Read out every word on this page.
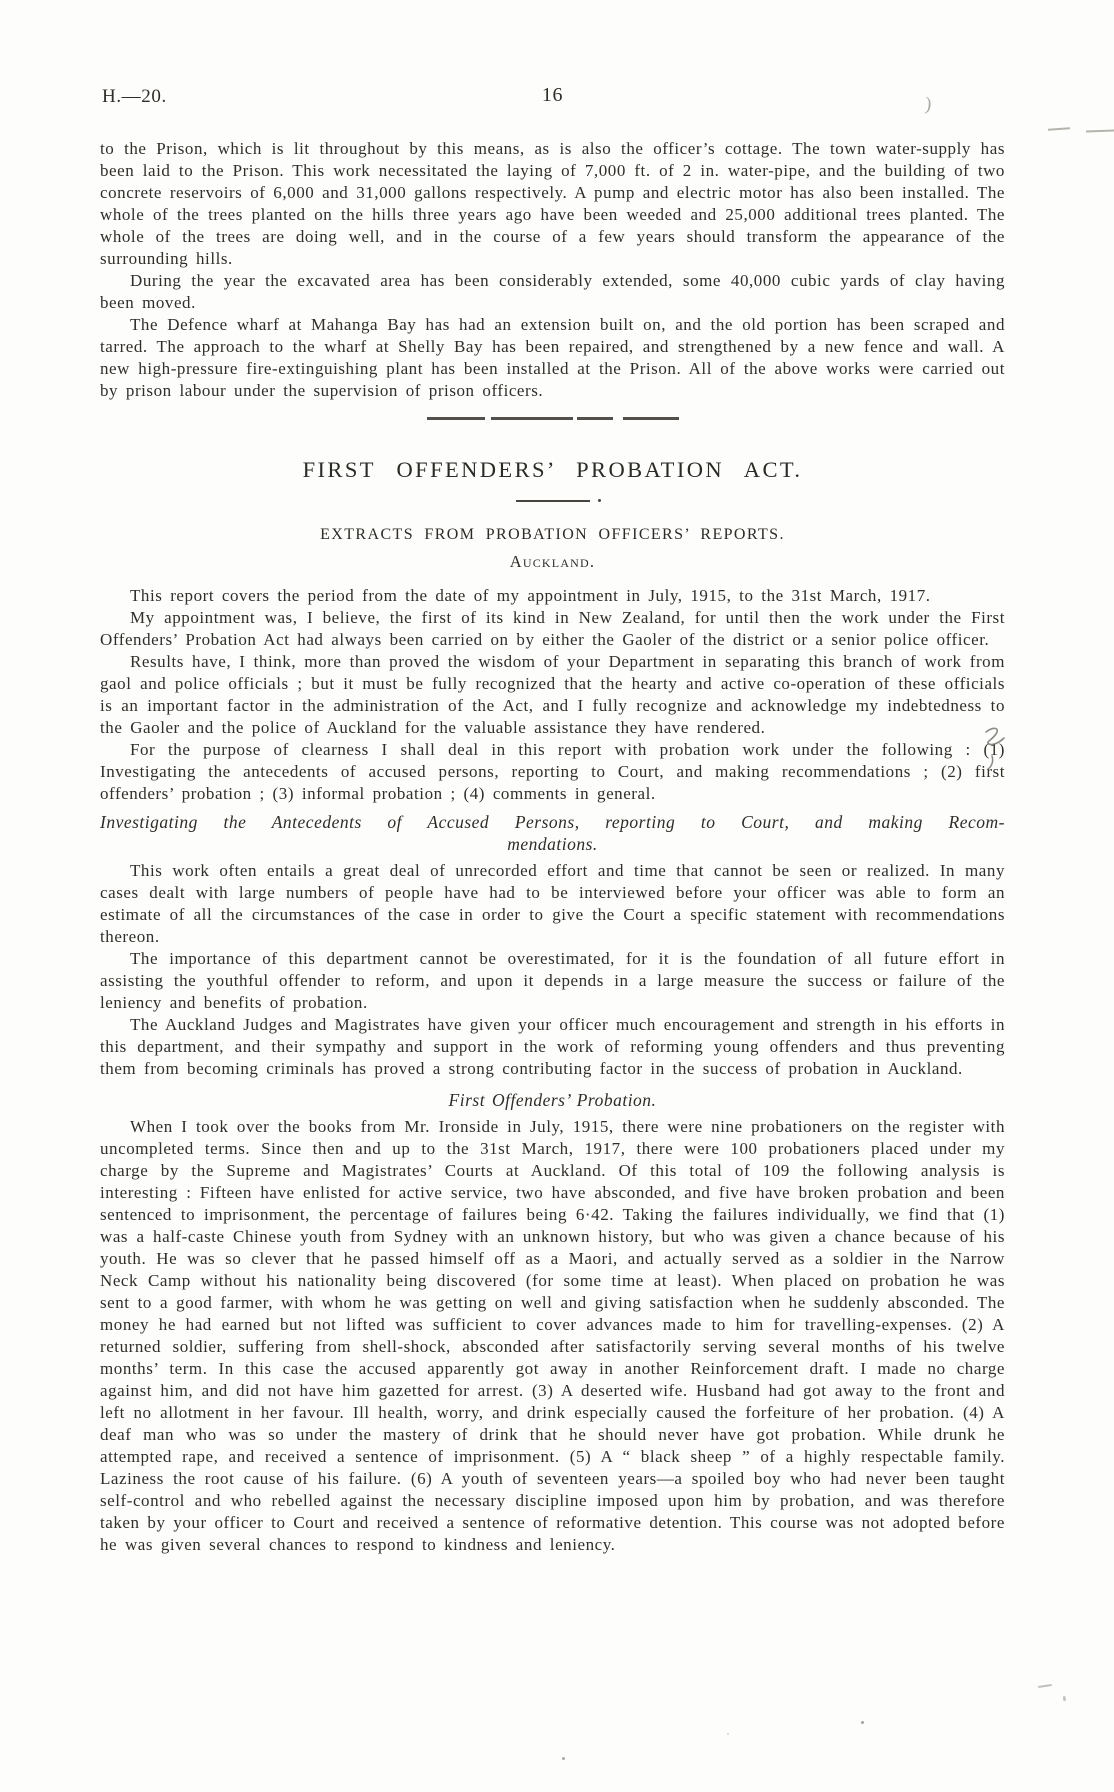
H.—20.	16	)

to the Prison, which is lit throughout by this means, as is also the officer’s cottage. The town water-supply has been laid to the Prison. This work necessitated the laying of 7,000 ft. of 2 in. water-pipe, and the building of two concrete reservoirs of 6,000 and 31,000 gallons respectively. A pump and electric motor has also been installed. The whole of the trees planted on the hills three years ago have been weeded and 25,000 additional trees planted. The whole of the trees are doing well, and in the course of a few years should transform the appearance of the surrounding hills.

During the year the excavated area has been considerably extended, some 40,000 cubic yards of clay having been moved.

The Defence wharf at Mahanga Bay has had an extension built on, and the old portion has been scraped and tarred. The approach to the wharf at Shelly Bay has been repaired, and strengthened by a new fence and wall. A new high-pressure fire-extinguishing plant has been installed at the Prison. All of the above works were carried out by prison labour under the supervision of prison officers.

FIRST OFFENDERS’ PROBATION ACT.
EXTRACTS FROM PROBATION OFFICERS’ REPORTS.
Auckland.

This report covers the period from the date of my appointment in July, 1915, to the 31st March, 1917.

My appointment was, I believe, the first of its kind in New Zealand, for until then the work under the First Offenders’ Probation Act had always been carried on by either the Gaoler of the district or a senior police officer.

Results have, I think, more than proved the wisdom of your Department in separating this branch of work from gaol and police officials ; but it must be fully recognized that the hearty and active co-operation of these officials is an important factor in the administration of the Act, and I fully recognize and acknowledge my indebtedness to the Gaoler and the police of Auckland for the valuable assistance they have rendered.

For the purpose of clearness I shall deal in this report with probation work under the following : (1) Investigating the antecedents of accused persons, reporting to Court, and making recommendations ; (2) first offenders’ probation ; (3) informal probation ; (4) comments in general.

Investigating the Antecedents of Accused Persons, reporting to Court, and making Recom-
mendations.

This work often entails a great deal of unrecorded effort and time that cannot be seen or realized. In many cases dealt with large numbers of people have had to be interviewed before your officer was able to form an estimate of all the circumstances of the case in order to give the Court a specific statement with recommendations thereon.

The importance of this department cannot be overestimated, for it is the foundation of all future effort in assisting the youthful offender to reform, and upon it depends in a large measure the success or failure of the leniency and benefits of probation.

The Auckland Judges and Magistrates have given your officer much encouragement and strength in his efforts in this department, and their sympathy and support in the work of reforming young offenders and thus preventing them from becoming criminals has proved a strong contributing factor in the success of probation in Auckland.

First Offenders’ Probation.

When I took over the books from Mr. Ironside in July, 1915, there were nine probationers on the register with uncompleted terms. Since then and up to the 31st March, 1917, there were 100 probationers placed under my charge by the Supreme and Magistrates’ Courts at Auckland. Of this total of 109 the following analysis is interesting : Fifteen have enlisted for active service, two have absconded, and five have broken probation and been sentenced to imprisonment, the percentage of failures being 6·42. Taking the failures individually, we find that (1) was a half-caste Chinese youth from Sydney with an unknown history, but who was given a chance because of his youth. He was so clever that he passed himself off as a Maori, and actually served as a soldier in the Narrow Neck Camp without his nationality being discovered (for some time at least). When placed on probation he was sent to a good farmer, with whom he was getting on well and giving satisfaction when he suddenly absconded. The money he had earned but not lifted was sufficient to cover advances made to him for travelling-expenses. (2) A returned soldier, suffering from shell-shock, absconded after satisfactorily serving several months of his twelve months’ term. In this case the accused apparently got away in another Reinforcement draft. I made no charge against him, and did not have him gazetted for arrest. (3) A deserted wife. Husband had got away to the front and left no allotment in her favour. Ill health, worry, and drink especially caused the forfeiture of her probation. (4) A deaf man who was so under the mastery of drink that he should never have got probation. While drunk he attempted rape, and received a sentence of imprisonment. (5) A “ black sheep ” of a highly respectable family. Laziness the root cause of his failure. (6) A youth of seventeen years—a spoiled boy who had never been taught self-control and who rebelled against the necessary discipline imposed upon him by probation, and was therefore taken by your officer to Court and received a sentence of reformative detention. This course was not adopted before he was given several chances to respond to kindness and leniency.
